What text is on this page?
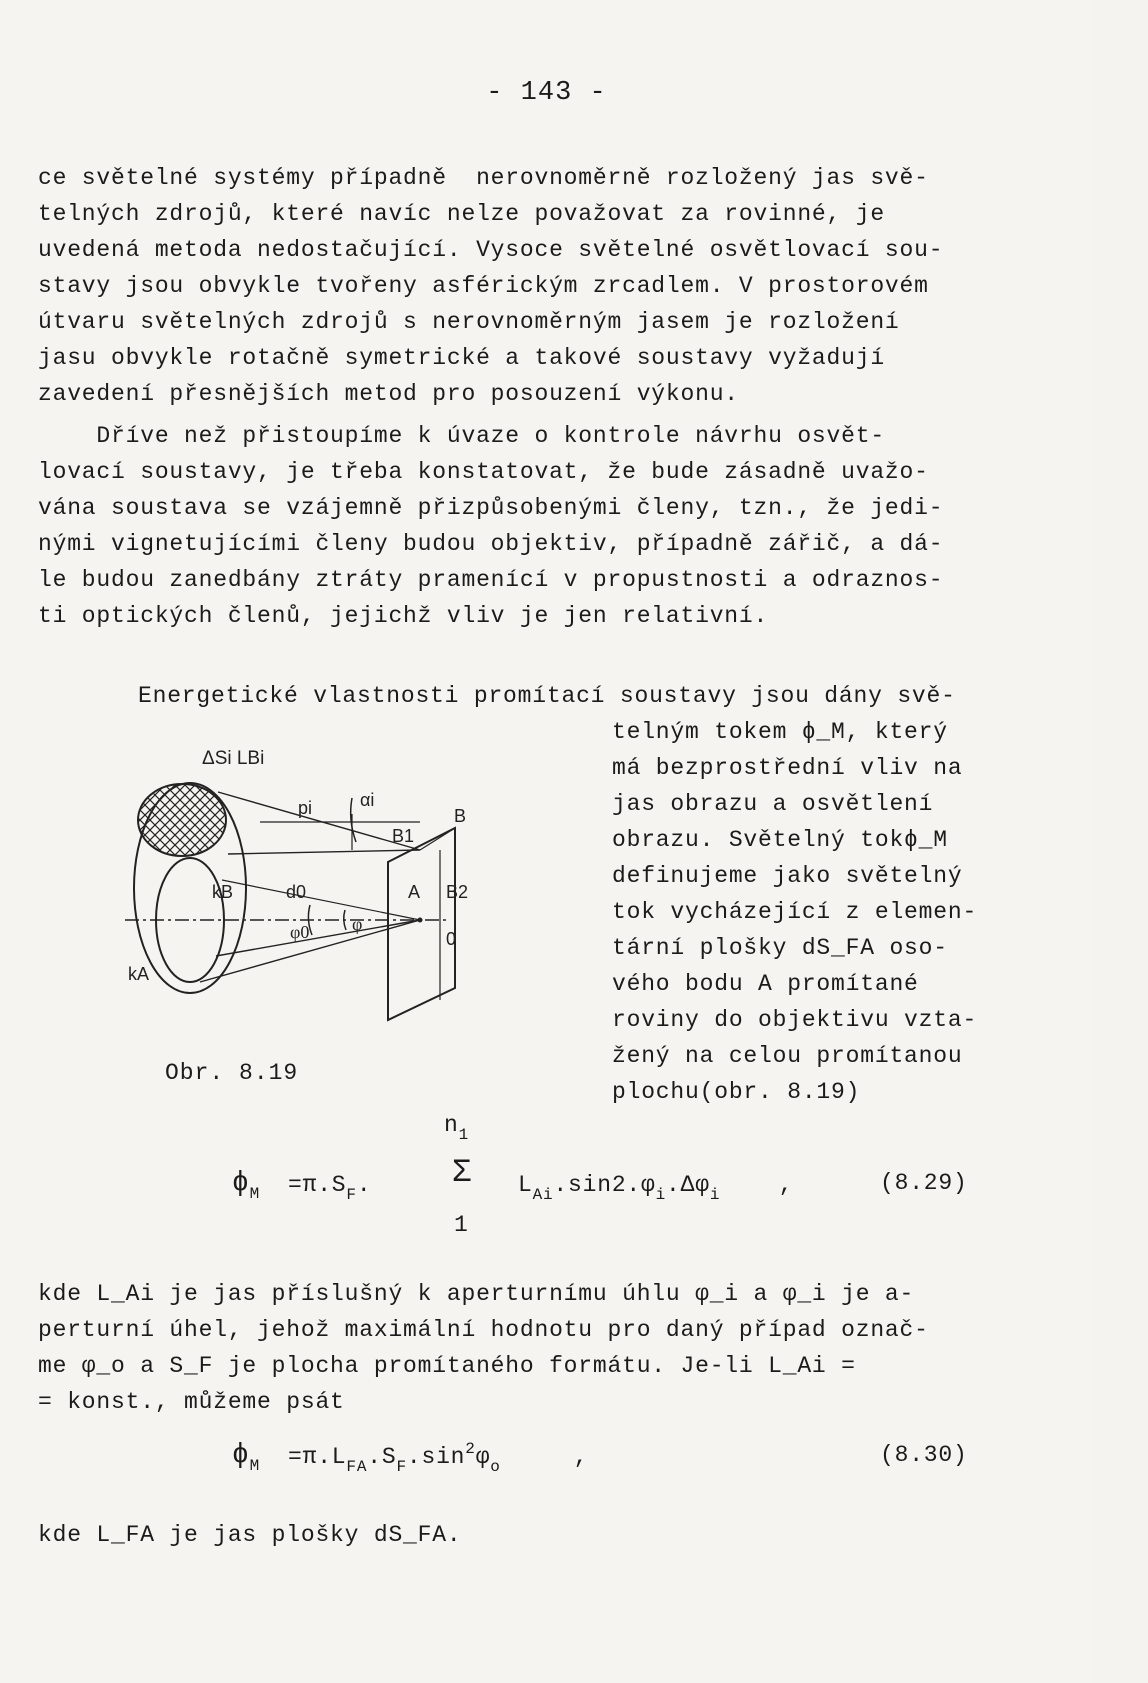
- 143 -
ce světelné systémy případně  nerovnoměrně rozložený jas svě-
telných zdrojů, které navíc nelze považovat za rovinné, je
uvedená metoda nedostačující. Vysoce světelné osvětlovací sou-
stavy jsou obvykle tvořeny asférickým zrcadlem. V prostorovém
útvaru světelných zdrojů s nerovnoměrným jasem je rozložení
jasu obvykle rotačně symetrické a takové soustavy vyžadují
zavedení přesnějších metod pro posouzení výkonu.
Dříve než přistoupíme k úvaze o kontrole návrhu osvět-
lovací soustavy, je třeba konstatovat, že bude zásadně uvažo-
vána soustava se vzájemně přizpůsobenými členy, tzn., že jedi-
nými vignetujícími členy budou objektiv, případně zářič, a dá-
le budou zanedbány ztráty pramenící v propustnosti a odraznos-
ti optických členů, jejichž vliv je jen relativní.
Energetické vlastnosti promítací soustavy jsou dány svě-
telným tokem ϕ_M, který
má bezprostřední vliv na
jas obrazu a osvětlení
obrazu. Světelný tokϕ_M
definujeme jako světelný
tok vycházející z elemen-
tární plošky dS_FA oso-
vého bodu A promítané
roviny do objektivu vzta-
žený na celou promítanou
plochu(obr. 8.19)
ΔSi LBi
pi	αi
B
B1
kB	d0
φ0 φ
A B2
0
kA
Obr. 8.19
$\phi_M =\pi.S_F$.
$n_1$
Σ
1
$L_{Ai}.\sin 2.\varphi_i.\Delta\varphi_i$	,	(8.29)
kde L_Ai je jas příslušný k aperturnímu úhlu φ_i a φ_i je a-
perturní úhel, jehož maximální hodnotu pro daný případ označ-
me φ_o a S_F je plocha promítaného formátu. Je-li L_Ai =
= konst., můžeme psát
$\phi_M =\pi.L_{FA}.S_F.\sin^2\varphi_o$	,	(8.30)
kde L_FA je jas plošky dS_FA.
